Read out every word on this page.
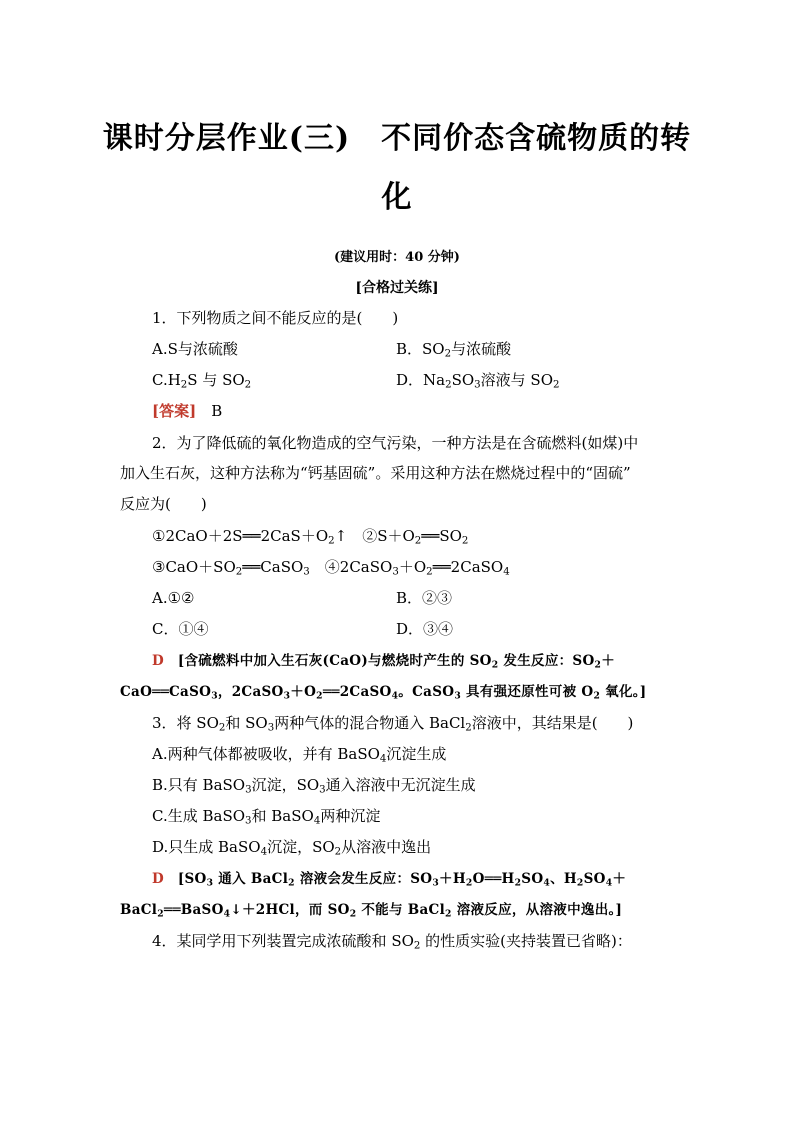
课时分层作业(三)　不同价态含硫物质的转
化
(建议用时：40 分钟)
[合格过关练]
1．下列物质之间不能反应的是(　　)
A.S与浓硫酸	B．$SO_2$与浓硫酸
$C.H_2S$ 与 $SO_2$	D．$Na_2SO_3$溶液与 $SO_2$
[答案]　B
2．为了降低硫的氧化物造成的空气污染，一种方法是在含硫燃料(如煤)中
加入生石灰，这种方法称为“钙基固硫”。采用这种方法在燃烧过程中的“固硫”
反应为(　　)
$①2CaO+2S══2CaS+O_2↑$　$②S+O_2══SO_2$
$③CaO+SO_2══CaSO_3$　$④2CaSO_3+O_2══2CaSO_4$
A.①②	B．②③
C．①④	D．③④
D　[含硫燃料中加入生石灰(CaO)与燃烧时产生的 $SO_2$ 发生反应：$SO_2+$
CaO══CaSO$_3$，$2CaSO_3+O_2══2CaSO_4$。CaSO$_3$ 具有强还原性可被 $O_2$ 氧化。]
3．将 $SO_2$和 $SO_3$两种气体的混合物通入 BaCl$_2$溶液中，其结果是(　　)
A.两种气体都被吸收，并有 BaSO$_4$沉淀生成
B.只有 BaSO$_3$沉淀，$SO_3$通入溶液中无沉淀生成
C.生成 BaSO$_3$和 BaSO$_4$两种沉淀
D.只生成 BaSO$_4$沉淀，$SO_2$从溶液中逸出
D　[$SO_3$ 通入 BaCl$_2$ 溶液会发生反应：$SO_3+H_2O══H_2SO_4$、$H_2SO_4+$
BaCl$_2$══BaSO$_4$↓＋2HCl，而 $SO_2$ 不能与 BaCl$_2$ 溶液反应，从溶液中逸出。]
4．某同学用下列装置完成浓硫酸和 $SO_2$ 的性质实验(夹持装置已省略)：
